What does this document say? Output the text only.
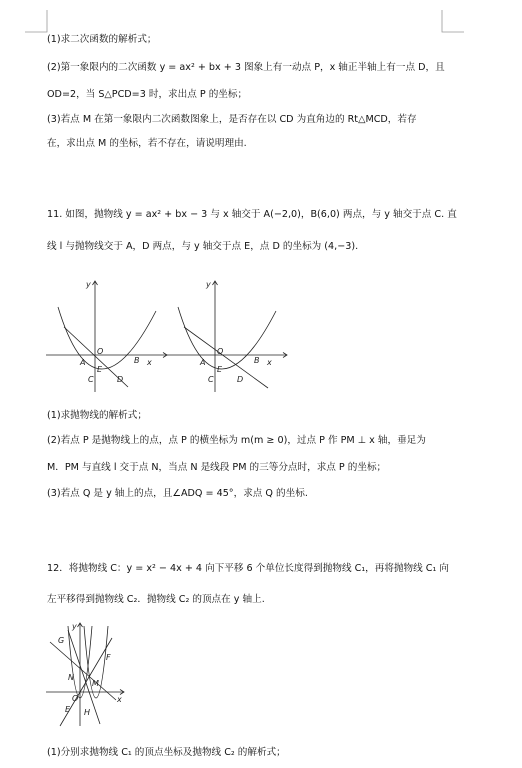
(1)求二次函数的解析式；
(2)第一象限内的二次函数 y = ax² + bx + 3 图象上有一动点 P，x 轴正半轴上有一点 D，且
OD=2，当 S△PCD=3 时，求出点 P 的坐标；
(3)若点 M 在第一象限内二次函数图象上，是否存在以 CD 为直角边的 Rt△MCD，若存
在，求出点 M 的坐标，若不存在，请说明理由.
11. 如图，抛物线 y = ax² + bx − 3 与 x 轴交于 A(−2,0)，B(6,0) 两点，与 y 轴交于点 C. 直
线 l 与抛物线交于 A，D 两点，与 y 轴交于点 E，点 D 的坐标为 (4,−3).
y
x
O
A	B
C
E
D
y
x
O
A	B
C
E
D
(1)求抛物线的解析式；
(2)若点 P 是抛物线上的点，点 P 的横坐标为 m(m ≥ 0)，过点 P 作 PM ⊥ x 轴，垂足为
M．PM 与直线 l 交于点 N，当点 N 是线段 PM 的三等分点时，求点 P 的坐标；
(3)若点 Q 是 y 轴上的点，且∠ADQ = 45°，求点 Q 的坐标.
12．将抛物线 C：y = x² − 4x + 4 向下平移 6 个单位长度得到抛物线 C₁，再将抛物线 C₁ 向
左平移得到抛物线 C₂．抛物线 C₂ 的顶点在 y 轴上.
y
x
G
F
N
M
O
E H
(1)分别求抛物线 C₁ 的顶点坐标及抛物线 C₂ 的解析式；
